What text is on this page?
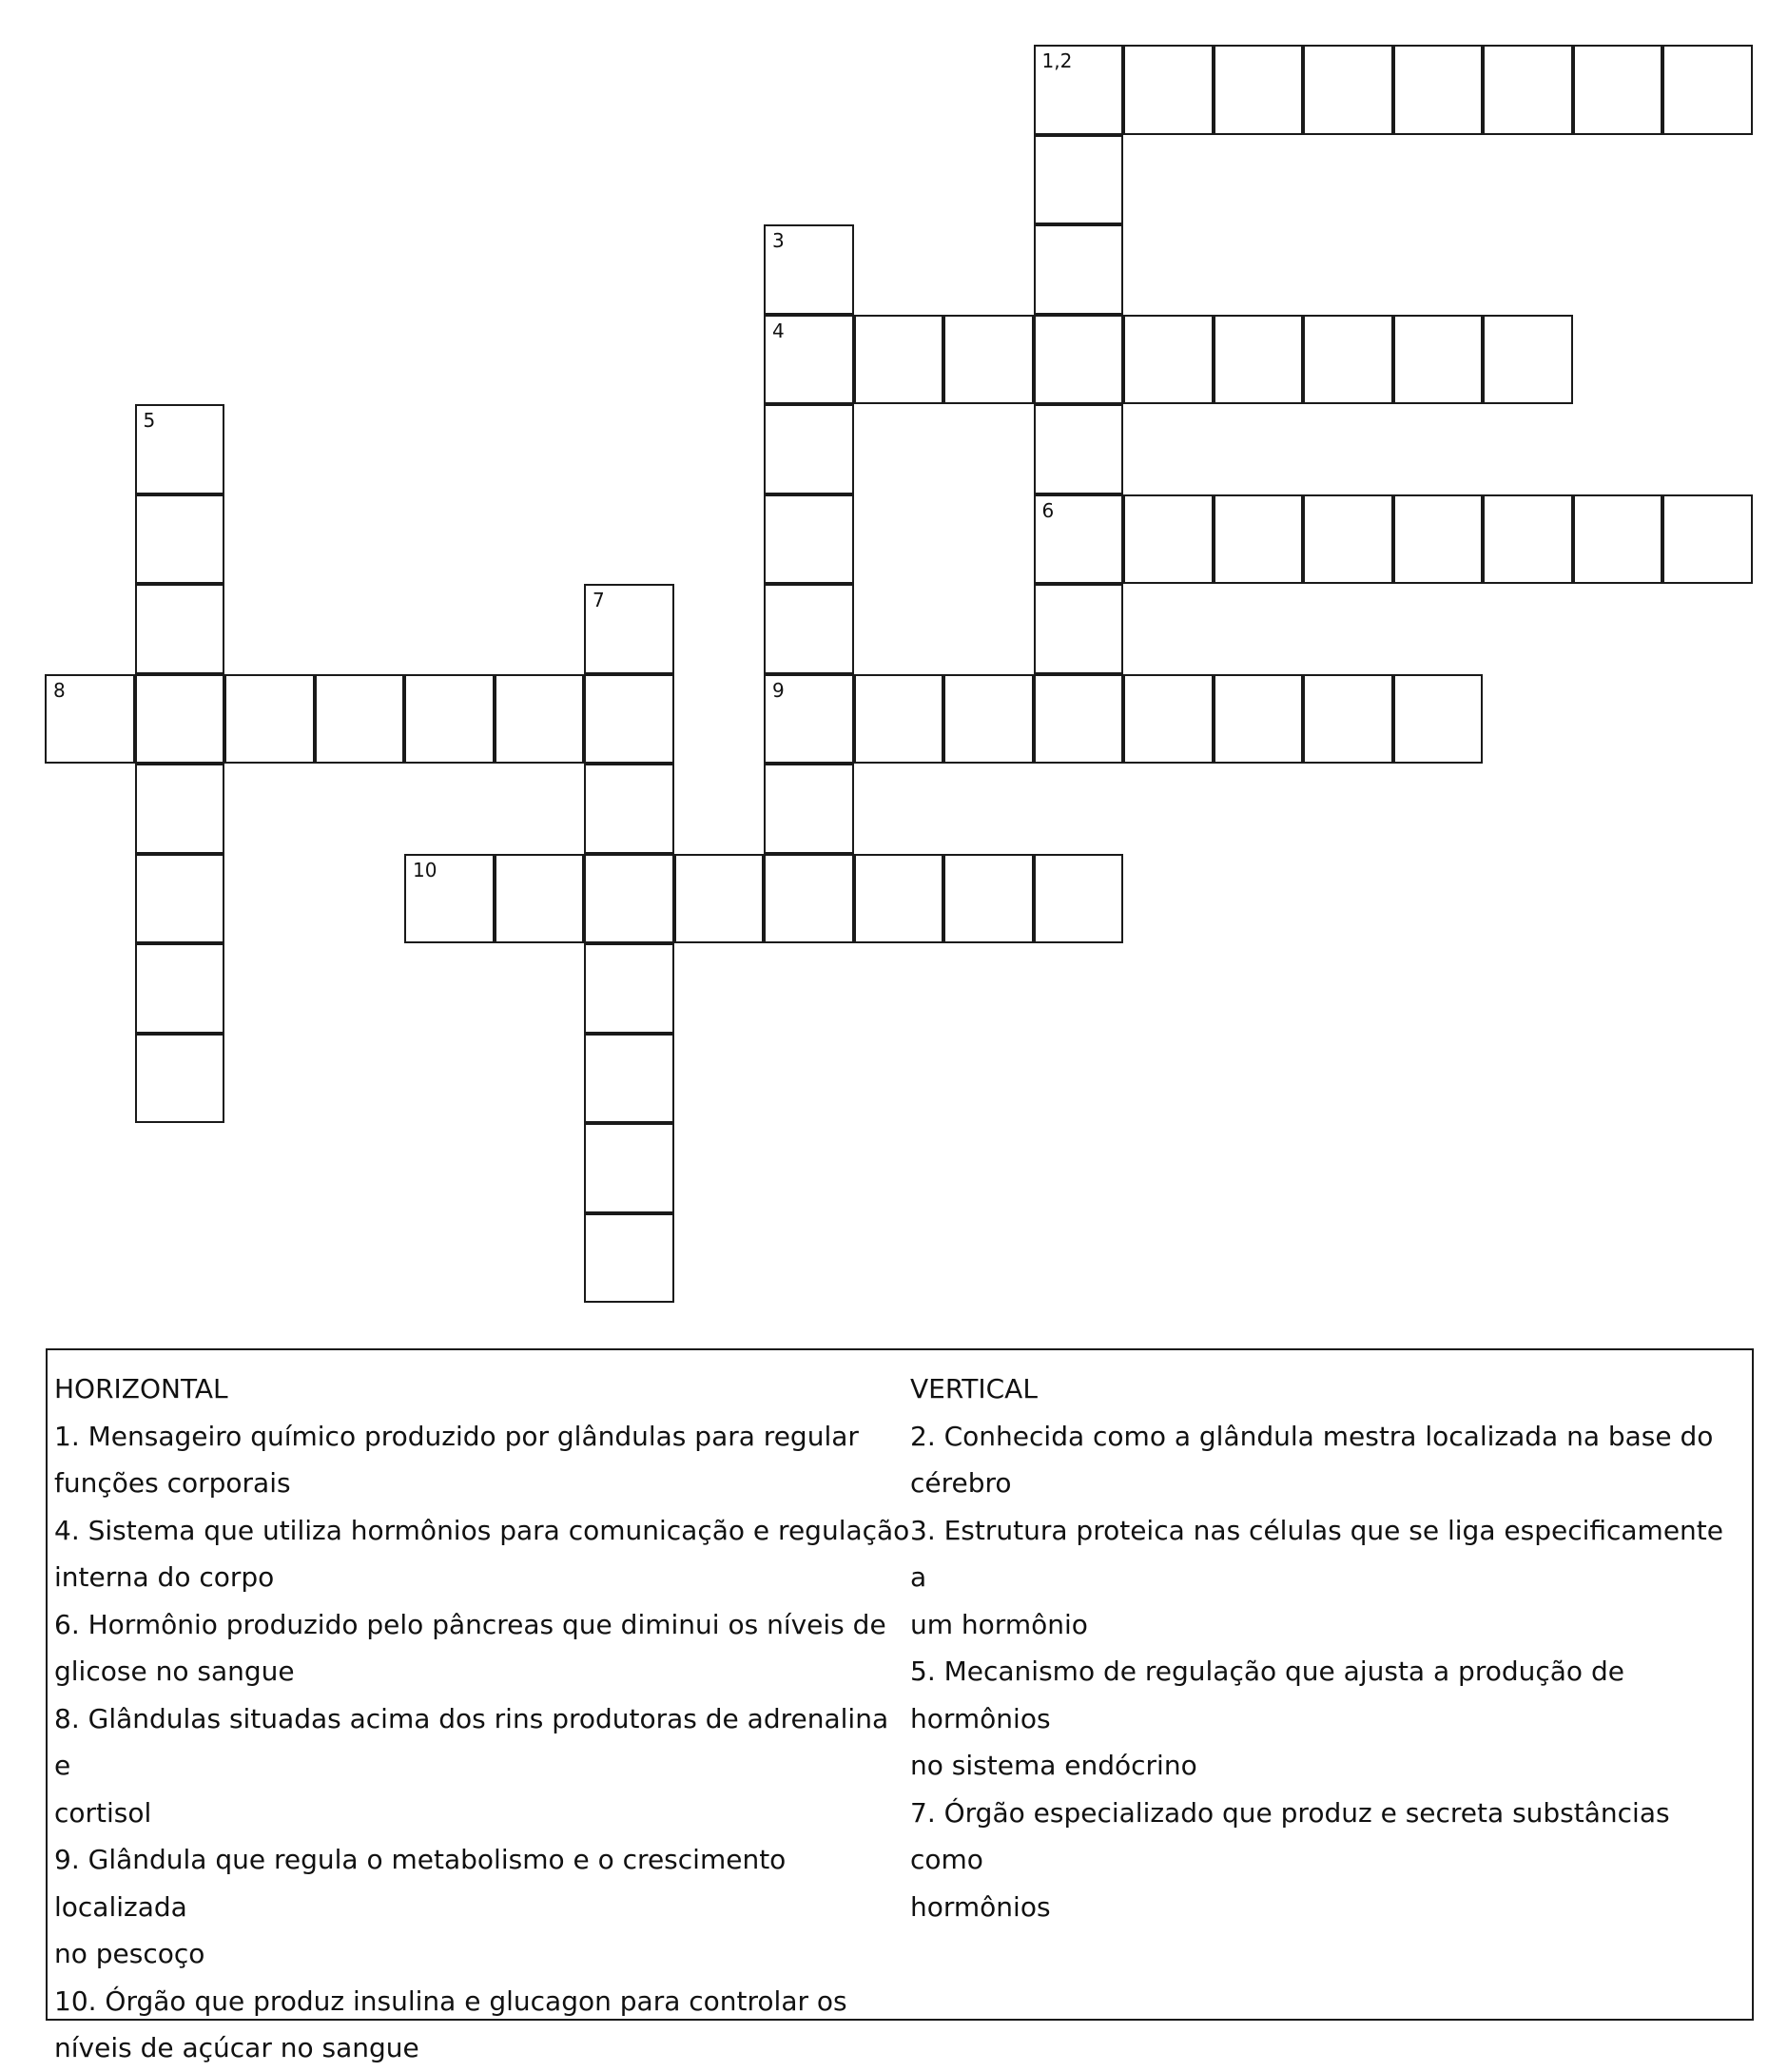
1,2
3
4
5
6
7
8	9
10
HORIZONTAL
1. Mensageiro químico produzido por glândulas para regular
funções corporais
4. Sistema que utiliza hormônios para comunicação e regulação
interna do corpo
6. Hormônio produzido pelo pâncreas que diminui os níveis de
glicose no sangue
8. Glândulas situadas acima dos rins produtoras de adrenalina e
cortisol
9. Glândula que regula o metabolismo e o crescimento localizada
no pescoço
10. Órgão que produz insulina e glucagon para controlar os
níveis de açúcar no sangue
VERTICAL
2. Conhecida como a glândula mestra localizada na base do
cérebro
3. Estrutura proteica nas células que se liga especificamente a
um hormônio
5. Mecanismo de regulação que ajusta a produção de hormônios
no sistema endócrino
7. Órgão especializado que produz e secreta substâncias como
hormônios
